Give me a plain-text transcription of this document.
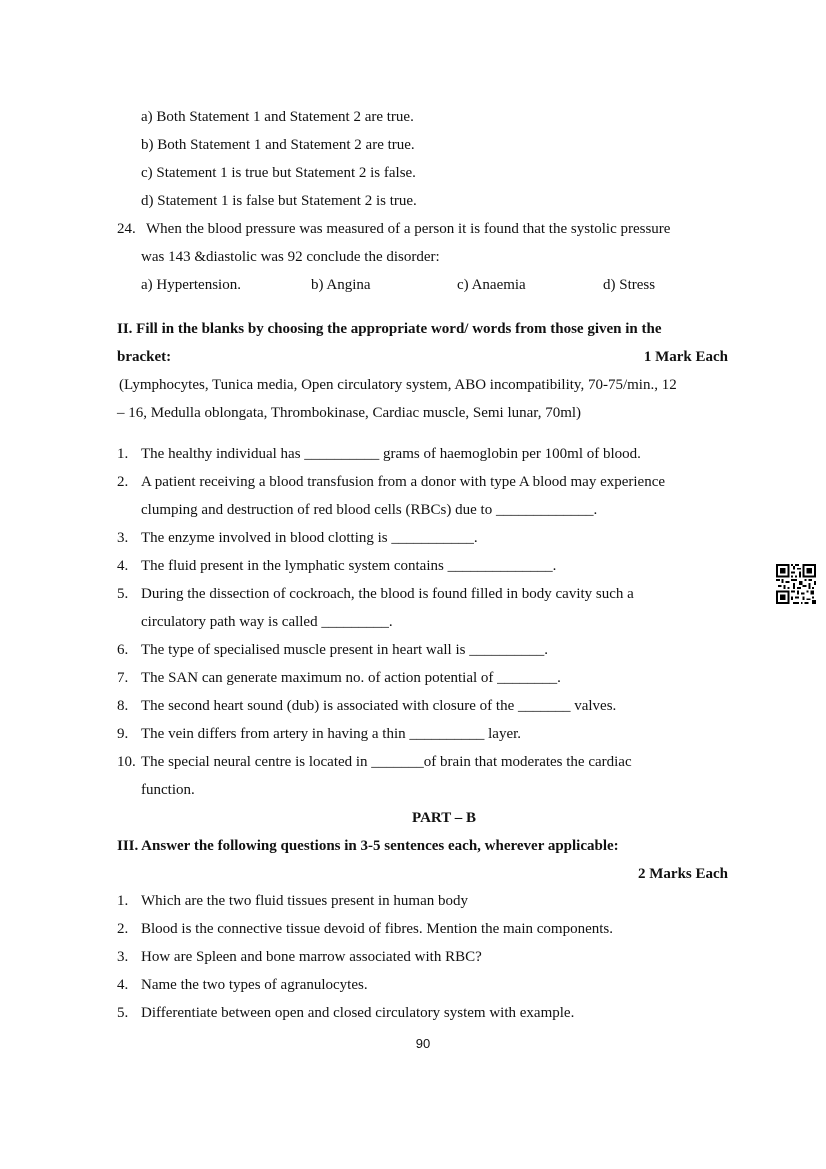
a) Both Statement 1 and Statement 2 are true.
b) Both Statement 1 and Statement 2 are true.
c) Statement 1 is true but Statement 2 is false.
d) Statement 1 is false but Statement 2 is true.
24. When the blood pressure was measured of a person it is found that the systolic pressure
was 143 &diastolic was 92 conclude the disorder:
a) Hypertension.	b) Angina	c) Anaemia	d) Stress
II. Fill in the blanks by choosing the appropriate word/ words from those given in the
bracket:	1 Mark Each
(Lymphocytes, Tunica media, Open circulatory system, ABO incompatibility, 70-75/min., 12
– 16, Medulla oblongata, Thrombokinase, Cardiac muscle, Semi lunar, 70ml)
1. The healthy individual has __________ grams of haemoglobin per 100ml of blood.
2. A patient receiving a blood transfusion from a donor with type A blood may experience
clumping and destruction of red blood cells (RBCs) due to _____________.
3. The enzyme involved in blood clotting is ___________.
4. The fluid present in the lymphatic system contains ______________.
5. During the dissection of cockroach, the blood is found filled in body cavity such a
circulatory path way is called _________.
6. The type of specialised muscle present in heart wall is __________.
7. The SAN can generate maximum no. of action potential of ________.
8. The second heart sound (dub) is associated with closure of the _______ valves.
9. The vein differs from artery in having a thin __________ layer.
10. The special neural centre is located in _______of brain that moderates the cardiac
function.
PART – B
III. Answer the following questions in 3-5 sentences each, wherever applicable:
2 Marks Each
1. Which are the two fluid tissues present in human body
2. Blood is the connective tissue devoid of fibres. Mention the main components.
3. How are Spleen and bone marrow associated with RBC?
4. Name the two types of agranulocytes.
5. Differentiate between open and closed circulatory system with example.
90
